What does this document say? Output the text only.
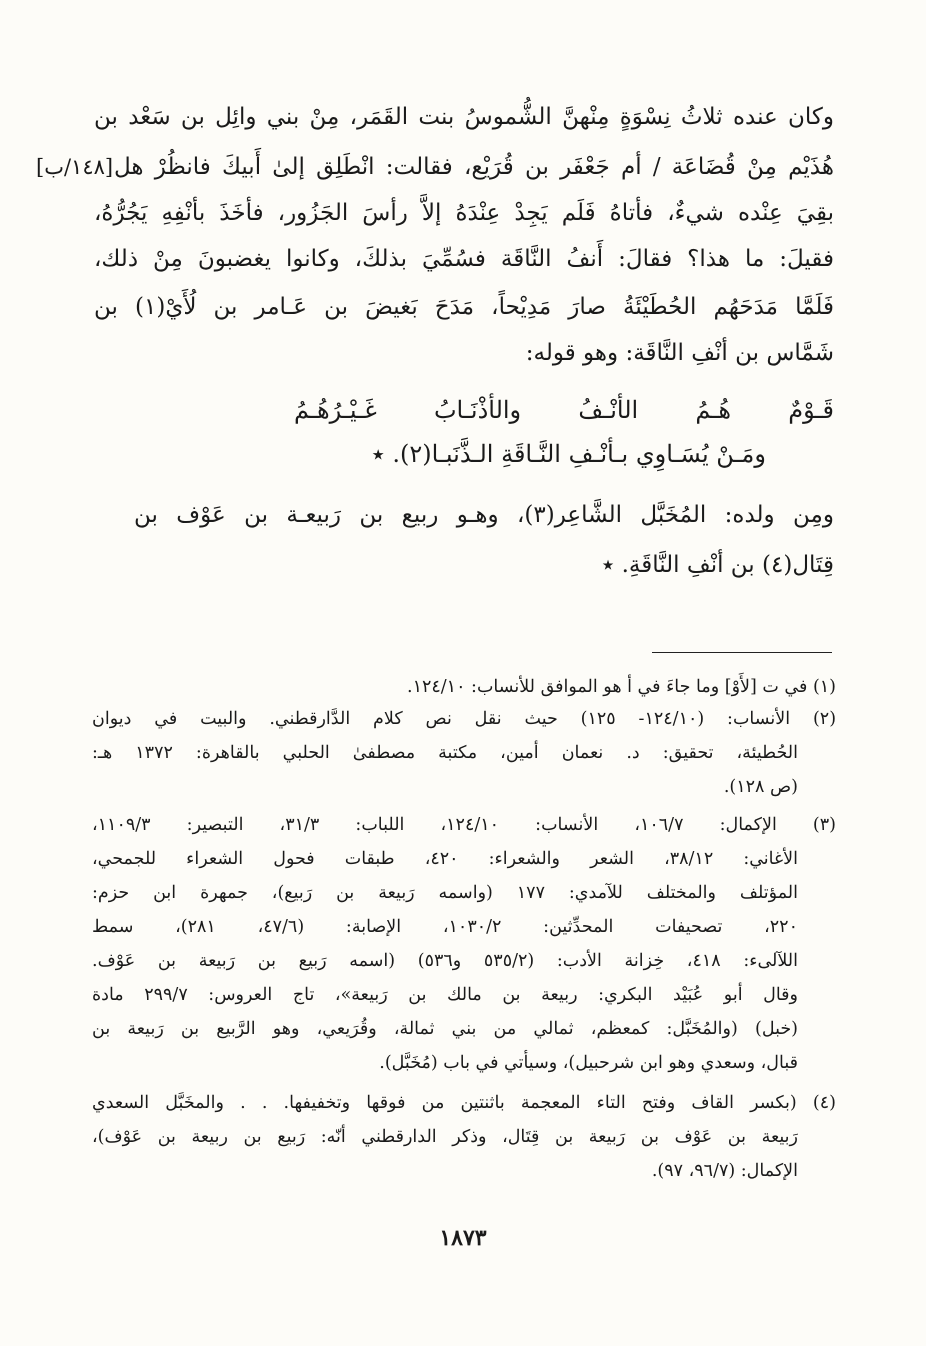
وكان عنده ثلاثُ نِسْوَةٍ مِنْهنَّ الشُّموسُ بنت القَمَر، مِنْ بني وائِل بن سَعْد بن
هُذَيْم مِنْ قُضَاعَة / أم جَعْفَر بن قُرَيْع، فقالت: انْطَلِق إلىٰ أَبيكَ فانظُرْ هل
[١٤٨/ب]
بقِيَ عِنْده شيءٌ، فأتاهُ فَلَم يَجِدْ عِنْدَهُ إلاَّ رأسَ الجَزُور، فأخَذَ بأنْفِهِ يَجُرُّهُ،
فقيلَ: ما هذا؟ فقالَ: أَنفُ النَّاقَة فسُمِّيَ بذلكَ، وكانوا يغضبونَ مِنْ ذلك،
فَلَمَّا مَدَحَهُم الحُطَيْئَةُ صارَ مَدِيْحاً، مَدَحَ بَغيضَ بن عَـامر بن لُأَيْ(١) بن
شَمَّاس بن أنْفِ النَّاقَة: وهو قوله:
قَـوْمٌ هُـمُ الأنْـفُ والأذْنَـابُ غَـيْـرُهُـمُ
ومَـنْ يُسَـاوِي بـأنْـفِ النَّـاقَةِ الـذَّنَبـا(٢). ٭
ومِن ولده: المُخَبَّل الشَّاعِر(٣)، وهـو ربيع بن رَبيعـة بن عَوْف بن
قِتَال(٤) بن أنْفِ النَّاقَةِ. ٭
(١) في ت [لأَوْ] وما جاءَ في أ هو الموافق للأنساب: ١٢٤/١٠.
(٢) الأنساب: (١٢٤/١٠- ١٢٥) حيث نقل نص كلام الدَّارقطني. والبيت في ديوان
الحُطيئة، تحقيق: د. نعمان أمين، مكتبة مصطفىٰ الحلبي بالقاهرة: ١٣٧٢ هـ:
(ص ١٢٨).
(٣) الإكمال: ١٠٦/٧، الأنساب: ١٢٤/١٠، اللباب: ٣١/٣، التبصير: ١١٠٩/٣،
الأغاني: ٣٨/١٢، الشعر والشعراء: ٤٢٠، طبقات فحول الشعراء للجمحي،
المؤتلف والمختلف للآمدي: ١٧٧ (واسمه رَبيعة بن رَبيع)، جمهرة ابن حزم:
٢٢٠، تصحيفات المحدِّثين: ١٠٣٠/٢، الإصابة: (٤٧/٦، ٢٨١)، سمط
اللآلىء: ٤١٨، خِزانة الأدب: (٥٣٥/٢ و٥٣٦) (اسمه رَبيع بن رَبيعة بن عَوْف.
وقال أبو عُبَيْد البكري: ربيعة بن مالك بن رَبيعة»، تاج العروس: ٢٩٩/٧ مادة
(خبل) (والمُخَبَّل: كمعظم، ثمالي من بني ثمالة، وقُرَيعي، وهو الرَّبيع بن رَبيعة بن
قبال، وسعدي وهو ابن شرحبيل)، وسيأتي في باب (مُخَبَّل).
(٤) (بكسر القاف وفتح التاء المعجمة باثنتين من فوقها وتخفيفها. . . والمخَبَّل السعدي
رَبيعة بن عَوْف بن رَبيعة بن قِتَال، وذكر الدارقطني أنّه: رَبيع بن ربيعة بن عَوْف)،
الإكمال: (٩٦/٧، ٩٧).
١٨٧٣
